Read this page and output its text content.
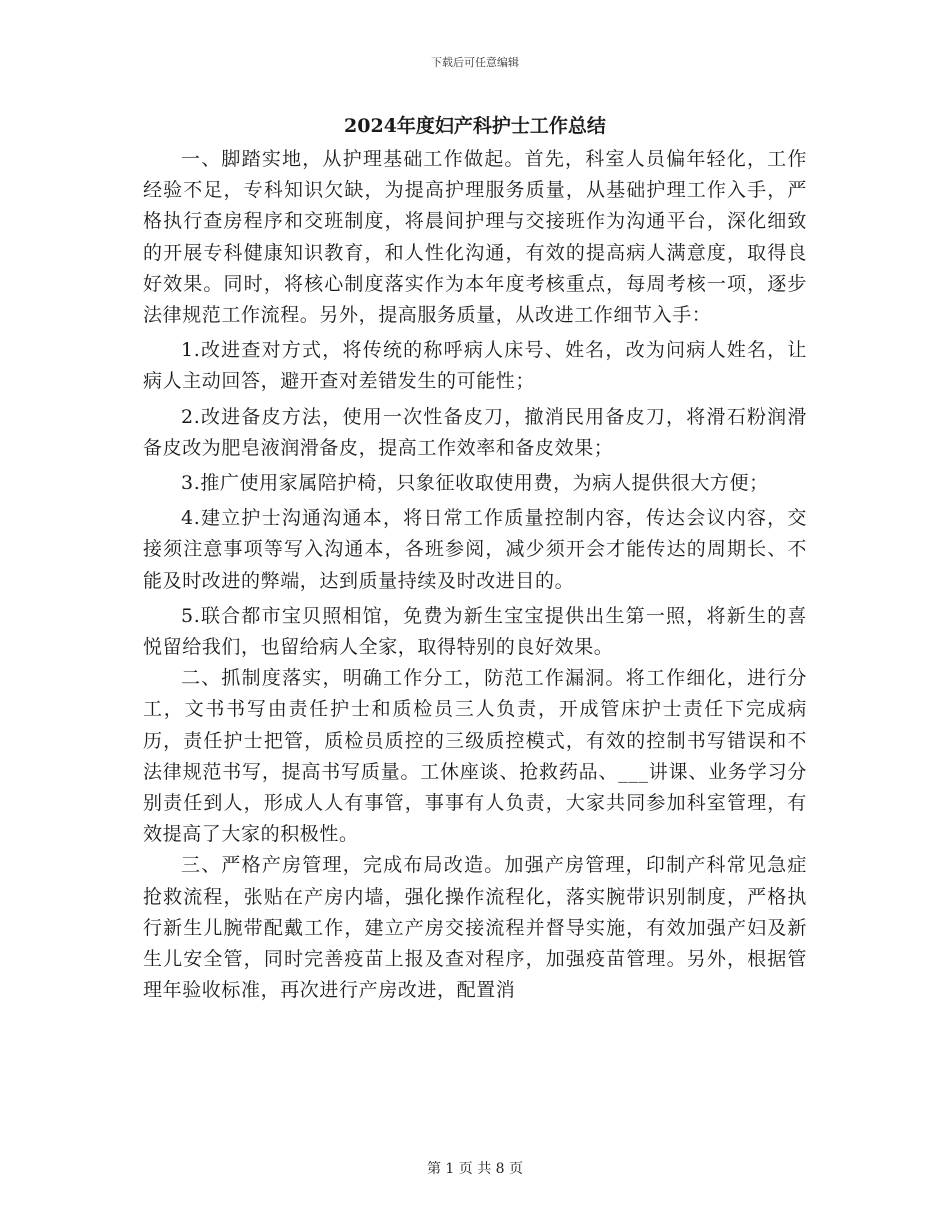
下载后可任意编辑
2024年度妇产科护士工作总结

一、脚踏实地，从护理基础工作做起。首先，科室人员偏年轻化，工作经验不足，专科知识欠缺，为提高护理服务质量，从基础护理工作入手，严格执行查房程序和交班制度，将晨间护理与交接班作为沟通平台，深化细致的开展专科健康知识教育，和人性化沟通，有效的提高病人满意度，取得良好效果。同时，将核心制度落实作为本年度考核重点，每周考核一项，逐步法律规范工作流程。另外，提高服务质量，从改进工作细节入手：

1.改进查对方式，将传统的称呼病人床号、姓名，改为问病人姓名，让病人主动回答，避开查对差错发生的可能性；

2.改进备皮方法，使用一次性备皮刀，撤消民用备皮刀，将滑石粉润滑备皮改为肥皂液润滑备皮，提高工作效率和备皮效果；

3.推广使用家属陪护椅，只象征收取使用费，为病人提供很大方便；

4.建立护士沟通沟通本，将日常工作质量控制内容，传达会议内容，交接须注意事项等写入沟通本，各班参阅，减少须开会才能传达的周期长、不能及时改进的弊端，达到质量持续及时改进目的。

5.联合都市宝贝照相馆，免费为新生宝宝提供出生第一照，将新生的喜悦留给我们，也留给病人全家，取得特别的良好效果。

二、抓制度落实，明确工作分工，防范工作漏洞。将工作细化，进行分工，文书书写由责任护士和质检员三人负责，开成管床护士责任下完成病历，责任护士把管，质检员质控的三级质控模式，有效的控制书写错误和不法律规范书写，提高书写质量。工休座谈、抢救药品、___讲课、业务学习分别责任到人，形成人人有事管，事事有人负责，大家共同参加科室管理，有效提高了大家的积极性。

三、严格产房管理，完成布局改造。加强产房管理，印制产科常见急症抢救流程，张贴在产房内墙，强化操作流程化，落实腕带识别制度，严格执行新生儿腕带配戴工作，建立产房交接流程并督导实施，有效加强产妇及新生儿安全管，同时完善疫苗上报及查对程序，加强疫苗管理。另外，根据管理年验收标准，再次进行产房改进，配置消

第 1 页 共 8 页
